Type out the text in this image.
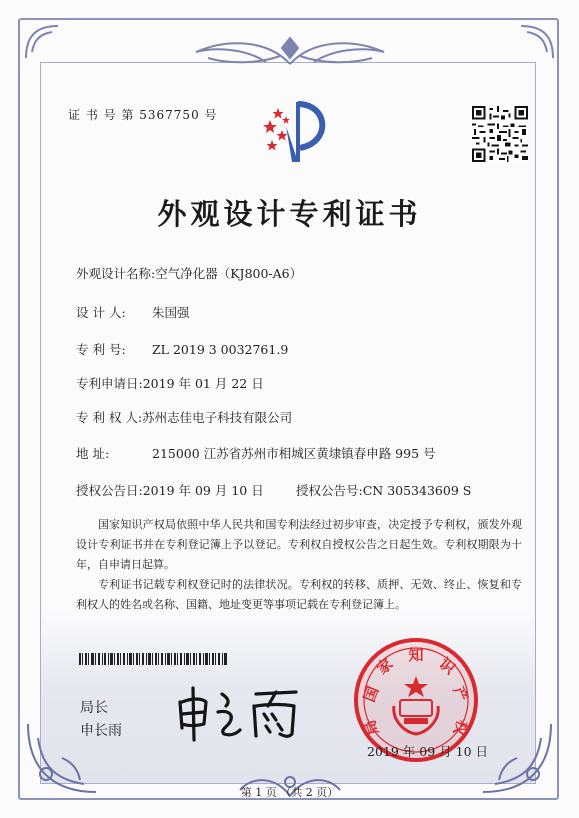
证 书 号 第 5367750 号
外观设计专利证书
外观设计名称:空气净化器（KJ800-A6）
设 计 人: 朱国强
专 利 号: ZL 2019 3 0032761.9
专利申请日:2019 年 01 月 22 日
专 利 权 人:苏州志佳电子科技有限公司
地 址:	215000 江苏省苏州市相城区黄埭镇春申路 995 号
授权公告日:2019 年 09 月 10 日	授权公告号:CN 305343609 S

国家知识产权局依照中华人民共和国专利法经过初步审查，决定授予专利权，颁发外观设计专利证书并在专利登记簿上予以登记。专利权自授权公告之日起生效。专利权期限为十年，自申请日起算。

专利证书记载专利权登记时的法律状况。专利权的转移、质押、无效、终止、恢复和专利权人的姓名或名称、国籍、地址变更等事项记载在专利登记簿上。

局长
申长雨
国
家 知 识
产
权
局
2019 年 09 月 10 日
第 1 页 （共 2 页）
